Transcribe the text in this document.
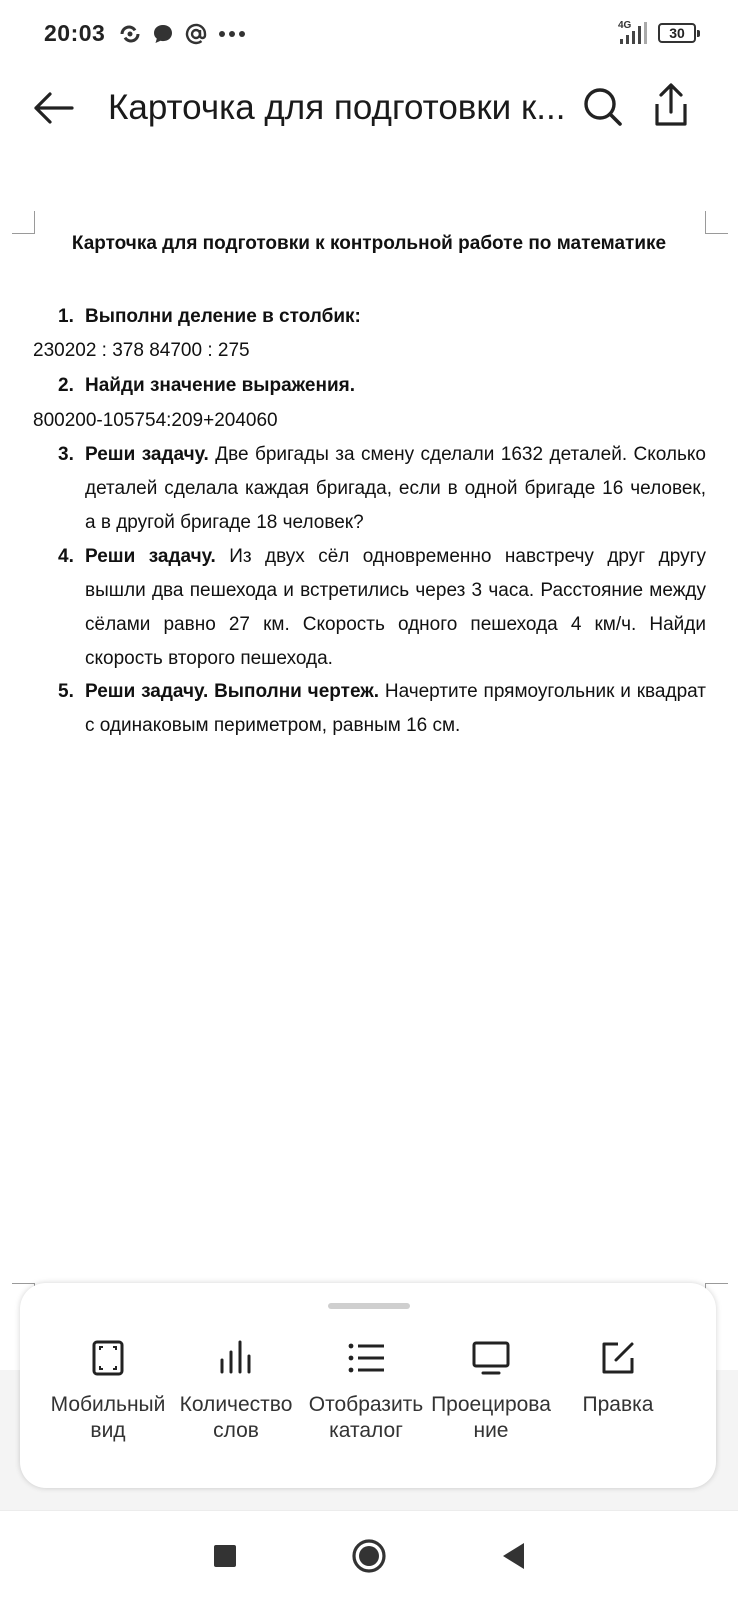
20:03	4G	30
Карточка для подготовки к...
Карточка для подготовки к контрольной работе по математике
1. Выполни деление в столбик:
230202 : 378 84700 : 275
2. Найди значение выражения.
800200-105754:209+204060
3. Реши задачу. Две бригады за смену сделали 1632 деталей. Сколько деталей сделала каждая бригада, если в одной бригаде 16 человек, а в другой бригаде 18 человек?
4. Реши задачу. Из двух сёл одновременно навстречу друг другу вышли два пешехода и встретились через 3 часа. Расстояние между сёлами равно 27 км. Скорость одного пешехода 4 км/ч. Найди скорость второго пешехода.
5. Реши задачу. Выполни чертеж. Начертите прямоугольник и квадрат с одинаковым периметром, равным 16 см.
Мобильный
вид
Количество
слов
Отобразить
каталог
Проецирова
ние
Правка
